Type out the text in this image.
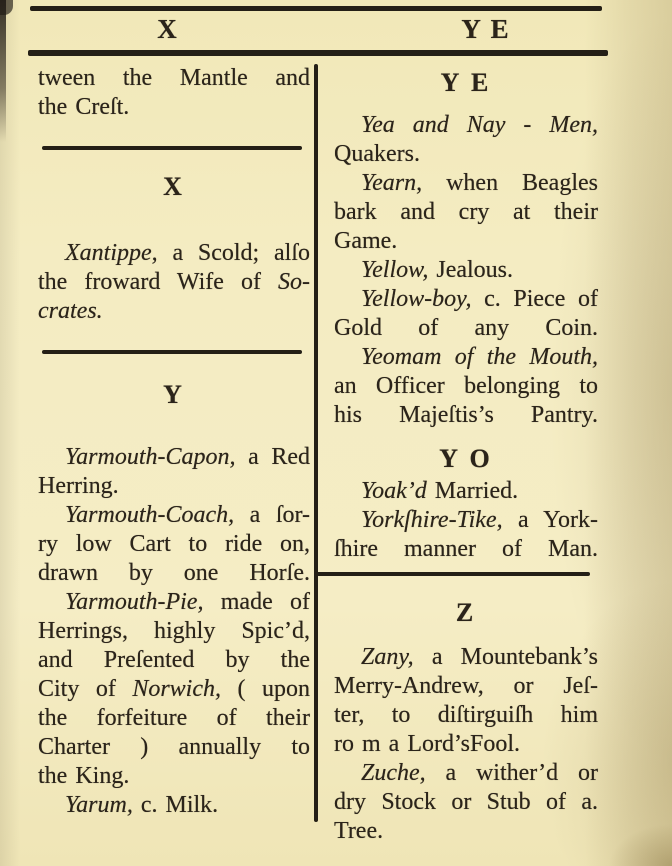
X	Y E
tween the Mantle and
the Creſt.
X
Xantippe, a Scold; alſo
the froward Wife of So-
crates.
Y
Yarmouth-Capon, a Red
Herring.
Yarmouth-Coach, a ſor-
ry low Cart to ride on,
drawn by one Horſe.
Yarmouth-Pie, made of
Herrings, highly Spic’d,
and Preſented by the
City of Norwich, ( upon
the forfeiture of their
Charter ) annually to
the King.
Yarum, c. Milk.
Y E
Yea and Nay - Men,
Quakers.
Yearn, when Beagles
bark and cry at their
Game.
Yellow, Jealous.
Yellow-boy, c. Piece of
Gold of any Coin.
Yeomam of the Mouth,
an Officer belonging to
his Majeſtis’s Pantry.
Y O
Yoak’d Married.
Yorkſhire-Tike, a York-
ſhire manner of Man.
Z
Zany, a Mountebank’s
Merry-Andrew, or Jeſ-
ter, to diſtirguiſh him
ro m a Lord’sFool.
Zuche, a wither’d or
dry Stock or Stub of a.
Tree.
